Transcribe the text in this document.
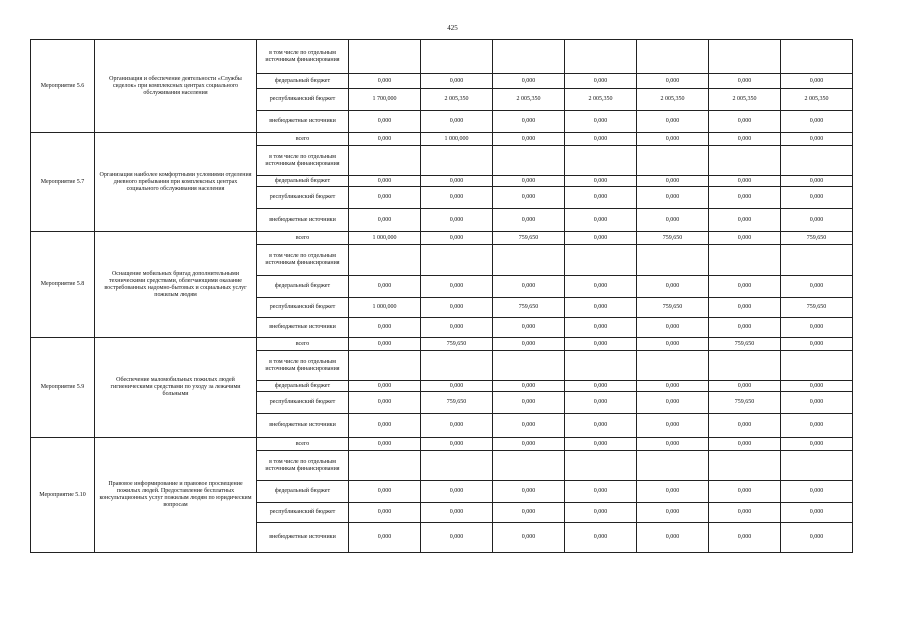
425
Мероприятие 5.6	Организация и обеспечение деятельности «Службы сиделок» при комплексных центрах социального обслуживания населения	в том числе по отдельным источникам финансирования							
		федеральный бюджет	0,000	0,000	0,000	0,000	0,000	0,000	0,000
		республиканский бюджет	1 700,000	2 005,350	2 005,350	2 005,350	2 005,350	2 005,350	2 005,350
		внебюджетные источники	0,000	0,000	0,000	0,000	0,000	0,000	0,000
Мероприятие 5.7	Организация наиболее комфортными условиями отделения дневного пребывания при комплексных центрах социального обслуживания населения	всего	0,000	1 000,000	0,000	0,000	0,000	0,000	0,000
		в том числе по отдельным источникам финансирования							
		федеральный бюджет	0,000	0,000	0,000	0,000	0,000	0,000	0,000
		республиканский бюджет	0,000	0,000	0,000	0,000	0,000	0,000	0,000
		внебюджетные источники	0,000	0,000	0,000	0,000	0,000	0,000	0,000
Мероприятие 5.8	Оснащение мобильных бригад дополнительными техническими средствами, облегчающими оказание востребованных надомно-бытовых и социальных услуг пожилым людям	всего	1 000,000	0,000	759,650	0,000	759,650	0,000	759,650
		в том числе по отдельным источникам финансирования							
		федеральный бюджет	0,000	0,000	0,000	0,000	0,000	0,000	0,000
		республиканский бюджет	1 000,000	0,000	759,650	0,000	759,650	0,000	759,650
		внебюджетные источники	0,000	0,000	0,000	0,000	0,000	0,000	0,000
Мероприятие 5.9	Обеспечение маломобильных пожилых людей гигиеническими средствами по уходу за лежачими больными	всего	0,000	759,650	0,000	0,000	0,000	759,650	0,000
		в том числе по отдельным источникам финансирования							
		федеральный бюджет	0,000	0,000	0,000	0,000	0,000	0,000	0,000
		республиканский бюджет	0,000	759,650	0,000	0,000	0,000	759,650	0,000
		внебюджетные источники	0,000	0,000	0,000	0,000	0,000	0,000	0,000
Мероприятие 5.10	Правовое информирование и правовое просвещение пожилых людей. Предоставление бесплатных консультационных услуг пожилым людям по юридическим вопросам	всего	0,000	0,000	0,000	0,000	0,000	0,000	0,000
		в том числе по отдельным источникам финансирования							
		федеральный бюджет	0,000	0,000	0,000	0,000	0,000	0,000	0,000
		республиканский бюджет	0,000	0,000	0,000	0,000	0,000	0,000	0,000
		внебюджетные источники	0,000	0,000	0,000	0,000	0,000	0,000	0,000
